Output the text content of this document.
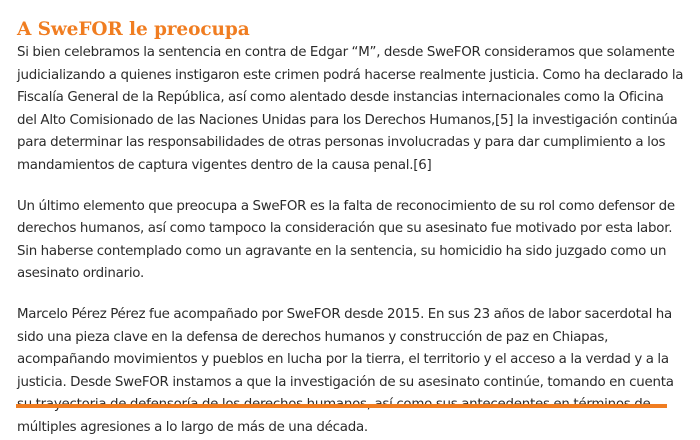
A SweFOR le preocupa

Si bien celebramos la sentencia en contra de Edgar “M”, desde SweFOR consideramos que solamente judicializando a quienes instigaron este crimen podrá hacerse realmente justicia. Como ha declarado la Fiscalía General de la República, así como alentado desde instancias internacionales como la Oficina del Alto Comisionado de las Naciones Unidas para los Derechos Humanos,[5] la investigación continúa para determinar las responsabilidades de otras personas involucradas y para dar cumplimiento a los mandamientos de captura vigentes dentro de la causa penal.[6]

Un último elemento que preocupa a SweFOR es la falta de reconocimiento de su rol como defensor de derechos humanos, así como tampoco la consideración que su asesinato fue motivado por esta labor. Sin haberse contemplado como un agravante en la sentencia, su homicidio ha sido juzgado como un asesinato ordinario.

Marcelo Pérez Pérez fue acompañado por SweFOR desde 2015. En sus 23 años de labor sacerdotal ha sido una pieza clave en la defensa de derechos humanos y construcción de paz en Chiapas, acompañando movimientos y pueblos en lucha por la tierra, el territorio y el acceso a la verdad y a la justicia. Desde SweFOR instamos a que la investigación de su asesinato continúe, tomando en cuenta múltiples agresiones a lo largo de más de una década.
